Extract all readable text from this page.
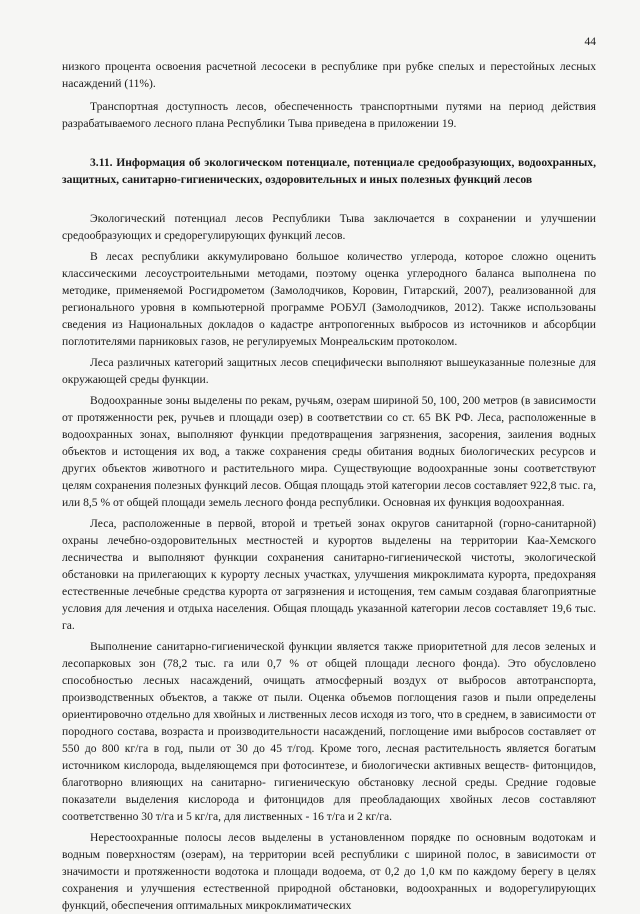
44

низкого процента освоения расчетной лесосеки в республике при рубке спелых и перестойных лесных насаждений (11%).

Транспортная доступность лесов, обеспеченность транспортными путями на период действия разрабатываемого лесного плана Республики Тыва приведена в приложении 19.

3.11. Информация об экологическом потенциале, потенциале средообразующих, водоохранных, защитных, санитарно-гигиенических, оздоровительных и иных полезных функций лесов

Экологический потенциал лесов Республики Тыва заключается в сохранении и улучшении средообразующих и средорегулирующих функций лесов.

В лесах республики аккумулировано большое количество углерода, которое сложно оценить классическими лесоустроительными методами, поэтому оценка углеродного баланса выполнена по методике, применяемой Росгидрометом (Замолодчиков, Коровин, Гитарский, 2007), реализованной для регионального уровня в компьютерной программе РОБУЛ (Замолодчиков, 2012). Также использованы сведения из Национальных докладов о кадастре антропогенных выбросов из источников и абсорбции поглотителями парниковых газов, не регулируемых Монреальским протоколом.

Леса различных категорий защитных лесов специфически выполняют вышеуказанные полезные для окружающей среды функции.

Водоохранные зоны выделены по рекам, ручьям, озерам шириной 50, 100, 200 метров (в зависимости от протяженности рек, ручьев и площади озер) в соответствии со ст. 65 ВК РФ. Леса, расположенные в водоохранных зонах, выполняют функции предотвращения загрязнения, засорения, заиления водных объектов и истощения их вод, а также сохранения среды обитания водных биологических ресурсов и других объектов животного и растительного мира. Существующие водоохранные зоны соответствуют целям сохранения полезных функций лесов. Общая площадь этой категории лесов составляет 922,8 тыс. га, или 8,5 % от общей площади земель лесного фонда республики. Основная их функция водоохранная.

Леса, расположенные в первой, второй и третьей зонах округов санитарной (горно-санитарной) охраны лечебно-оздоровительных местностей и курортов выделены на территории Каа-Хемского лесничества и выполняют функции сохранения санитарно-гигиенической чистоты, экологической обстановки на прилегающих к курорту лесных участках, улучшения микроклимата курорта, предохраняя естественные лечебные средства курорта от загрязнения и истощения, тем самым создавая благоприятные условия для лечения и отдыха населения. Общая площадь указанной категории лесов составляет 19,6 тыс. га.

Выполнение санитарно-гигиенической функции является также приоритетной для лесов зеленых и лесопарковых зон (78,2 тыс. га или 0,7 % от общей площади лесного фонда). Это обусловлено способностью лесных насаждений, очищать атмосферный воздух от выбросов автотранспорта, производственных объектов, а также от пыли. Оценка объемов поглощения газов и пыли определены ориентировочно отдельно для хвойных и лиственных лесов исходя из того, что в среднем, в зависимости от породного состава, возраста и производительности насаждений, поглощение ими выбросов составляет от 550 до 800 кг/га в год, пыли от 30 до 45 т/год. Кроме того, лесная растительность является богатым источником кислорода, выделяющемся при фотосинтезе, и биологически активных веществ- фитонцидов, благотворно влияющих на санитарно- гигиеническую обстановку лесной среды. Средние годовые показатели выделения кислорода и фитонцидов для преобладающих хвойных лесов составляют соответственно 30 т/га и 5 кг/га, для лиственных - 16 т/га и 2 кг/га.

Нерестоохранные полосы лесов выделены в установленном порядке по основным водотокам и водным поверхностям (озерам), на территории всей республики с шириной полос, в зависимости от значимости и протяженности водотока и площади водоема, от 0,2 до 1,0 км по каждому берегу в целях сохранения и улучшения естественной природной обстановки, водоохранных и водорегулирующих функций, обеспечения оптимальных микроклиматических
